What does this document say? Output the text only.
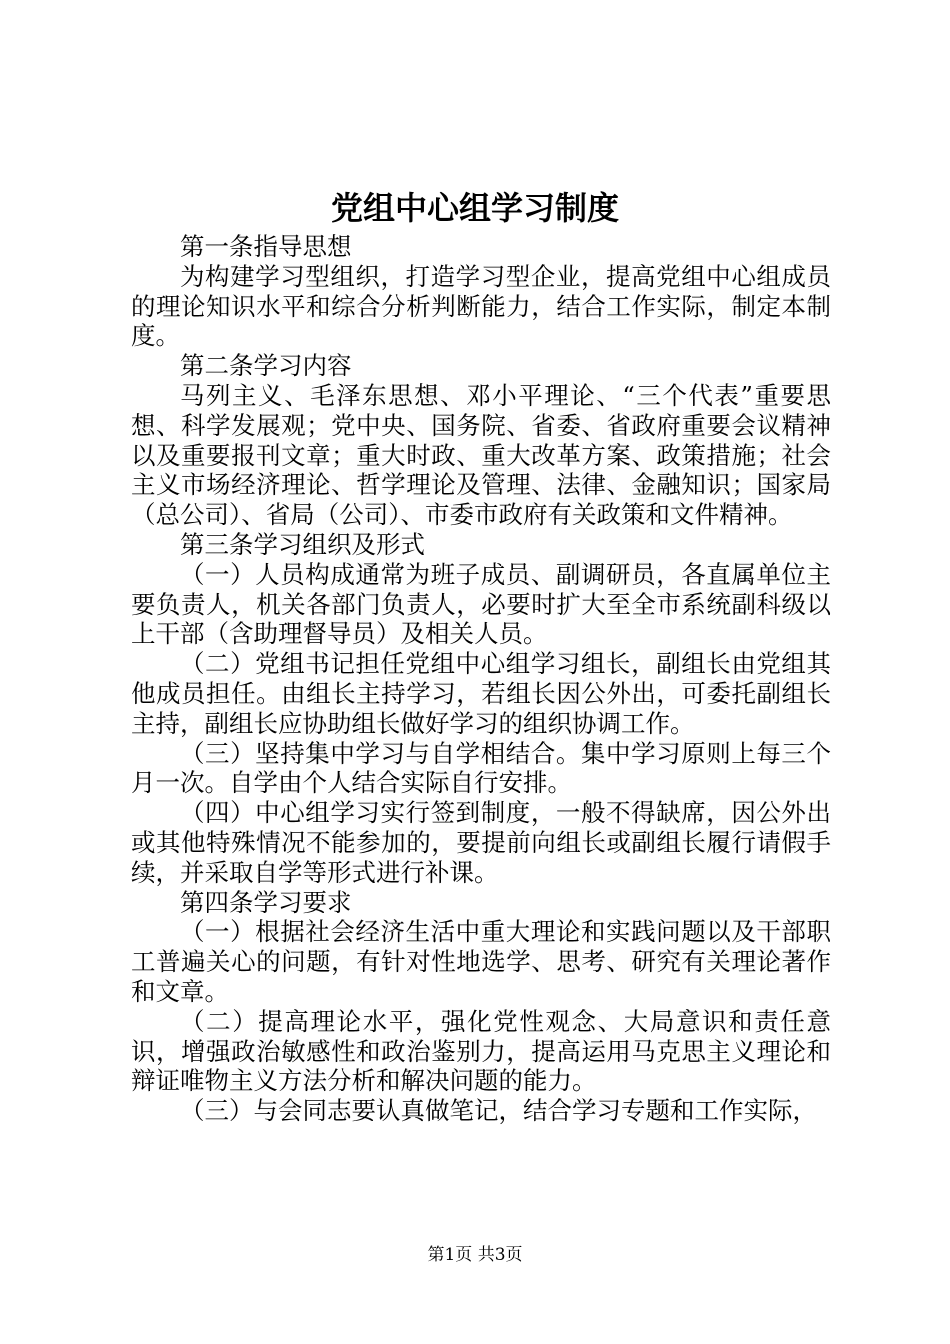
党组中心组学习制度

第一条指导思想

为构建学习型组织，打造学习型企业，提高党组中心组成员的理论知识水平和综合分析判断能力，结合工作实际，制定本制度。

第二条学习内容

马列主义、毛泽东思想、邓小平理论、“三个代表”重要思想、科学发展观；党中央、国务院、省委、省政府重要会议精神以及重要报刊文章；重大时政、重大改革方案、政策措施；社会主义市场经济理论、哲学理论及管理、法律、金融知识；国家局（总公司）、省局（公司）、市委市政府有关政策和文件精神。

第三条学习组织及形式

（一）人员构成通常为班子成员、副调研员，各直属单位主要负责人，机关各部门负责人，必要时扩大至全市系统副科级以上干部（含助理督导员）及相关人员。

（二）党组书记担任党组中心组学习组长，副组长由党组其他成员担任。由组长主持学习，若组长因公外出，可委托副组长主持，副组长应协助组长做好学习的组织协调工作。

（三）坚持集中学习与自学相结合。集中学习原则上每三个月一次。自学由个人结合实际自行安排。

（四）中心组学习实行签到制度，一般不得缺席，因公外出或其他特殊情况不能参加的，要提前向组长或副组长履行请假手续，并采取自学等形式进行补课。

第四条学习要求

（一）根据社会经济生活中重大理论和实践问题以及干部职工普遍关心的问题，有针对性地选学、思考、研究有关理论著作和文章。

（二）提高理论水平，强化党性观念、大局意识和责任意识，增强政治敏感性和政治鉴别力，提高运用马克思主义理论和辩证唯物主义方法分析和解决问题的能力。

（三）与会同志要认真做笔记，结合学习专题和工作实际，

第1页 共3页
